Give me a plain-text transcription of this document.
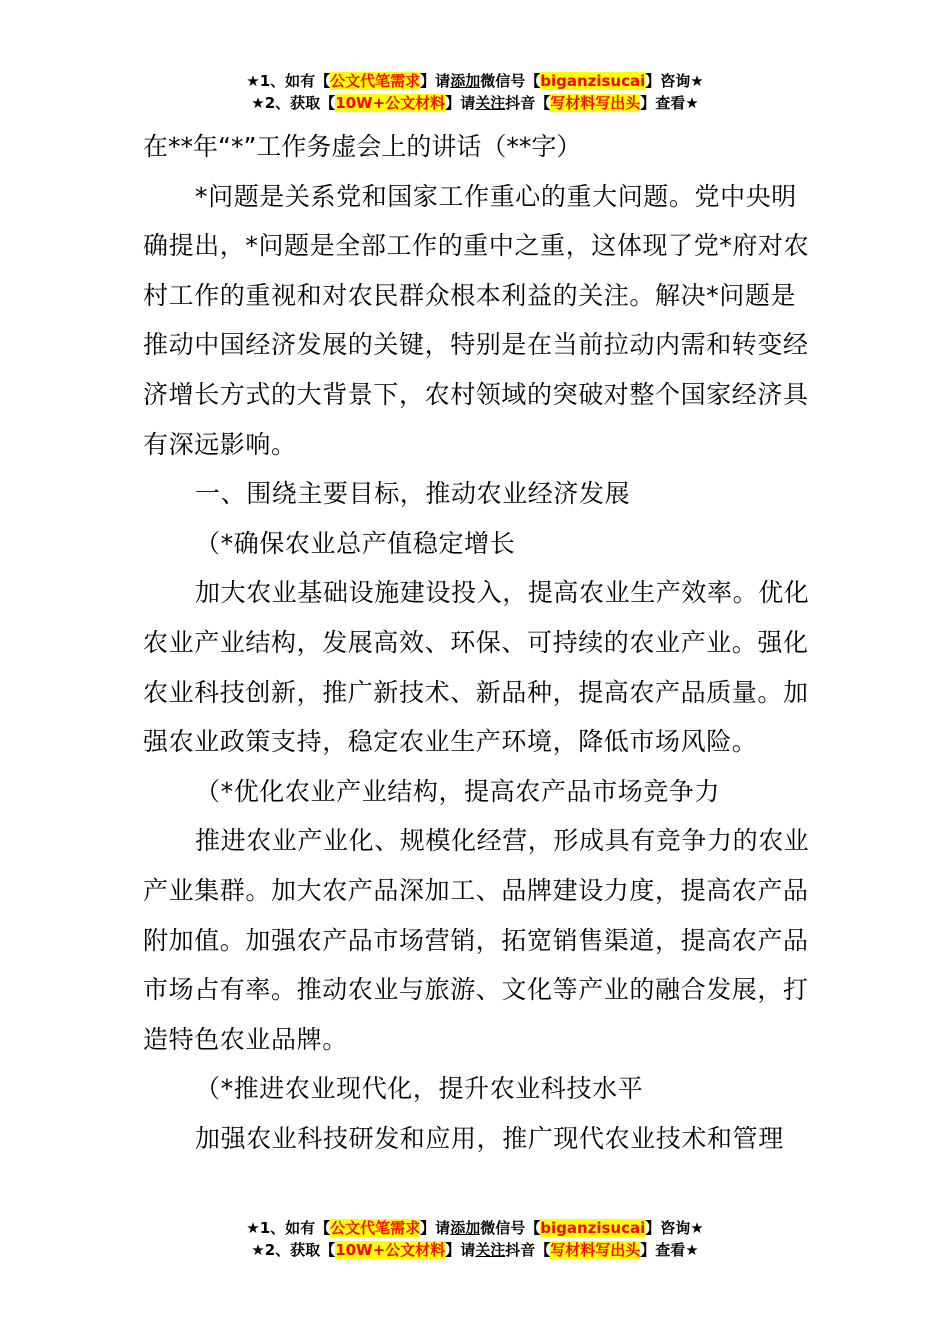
★1、如有【公文代笔需求】请添加微信号【biganzisucai】咨询★
★2、获取【10W+公文材料】请关注抖音【写材料写出头】查看★

在**年“*”工作务虚会上的讲话（**字）

*问题是关系党和国家工作重心的重大问题。党中央明确提出，*问题是全部工作的重中之重，这体现了党*府对农村工作的重视和对农民群众根本利益的关注。解决*问题是推动中国经济发展的关键，特别是在当前拉动内需和转变经济增长方式的大背景下，农村领域的突破对整个国家经济具有深远影响。

一、围绕主要目标，推动农业经济发展

（*确保农业总产值稳定增长

加大农业基础设施建设投入，提高农业生产效率。优化农业产业结构，发展高效、环保、可持续的农业产业。强化农业科技创新，推广新技术、新品种，提高农产品质量。加强农业政策支持，稳定农业生产环境，降低市场风险。

（*优化农业产业结构，提高农产品市场竞争力

推进农业产业化、规模化经营，形成具有竞争力的农业产业集群。加大农产品深加工、品牌建设力度，提高农产品附加值。加强农产品市场营销，拓宽销售渠道，提高农产品市场占有率。推动农业与旅游、文化等产业的融合发展，打造特色农业品牌。

（*推进农业现代化，提升农业科技水平

加强农业科技研发和应用，推广现代农业技术和管理

★1、如有【公文代笔需求】请添加微信号【biganzisucai】咨询★
★2、获取【10W+公文材料】请关注抖音【写材料写出头】查看★
